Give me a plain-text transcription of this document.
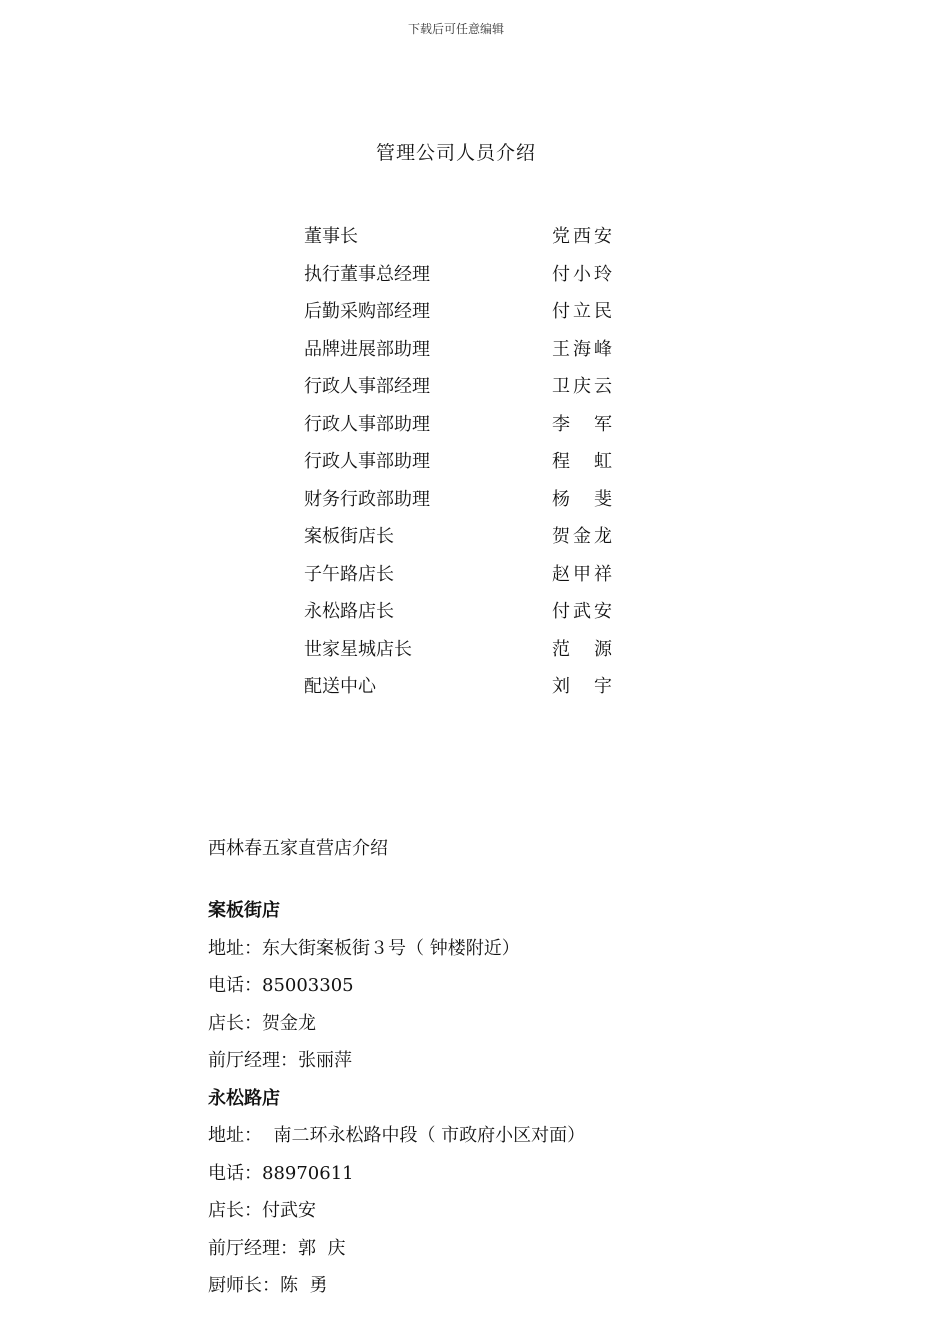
下载后可任意编辑
管理公司人员介绍
董事长	党西安
执行董事总经理	付小玲
后勤采购部经理	付立民
品牌进展部助理	王海峰
行政人事部经理	卫庆云
行政人事部助理	李军
行政人事部助理	程虹
财务行政部助理	杨斐
案板街店长	贺金龙
子午路店长	赵甲祥
永松路店长	付武安
世家星城店长	范源
配送中心	刘宇
西林春五家直营店介绍
案板街店
地址：东大街案板街３号（ 钟楼附近）
电话：85003305
店长：贺金龙
前厅经理：张丽萍
永松路店
地址：  南二环永松路中段（ 市政府小区对面）
电话：88970611
店长：付武安
前厅经理：郭  庆
厨师长：陈  勇
